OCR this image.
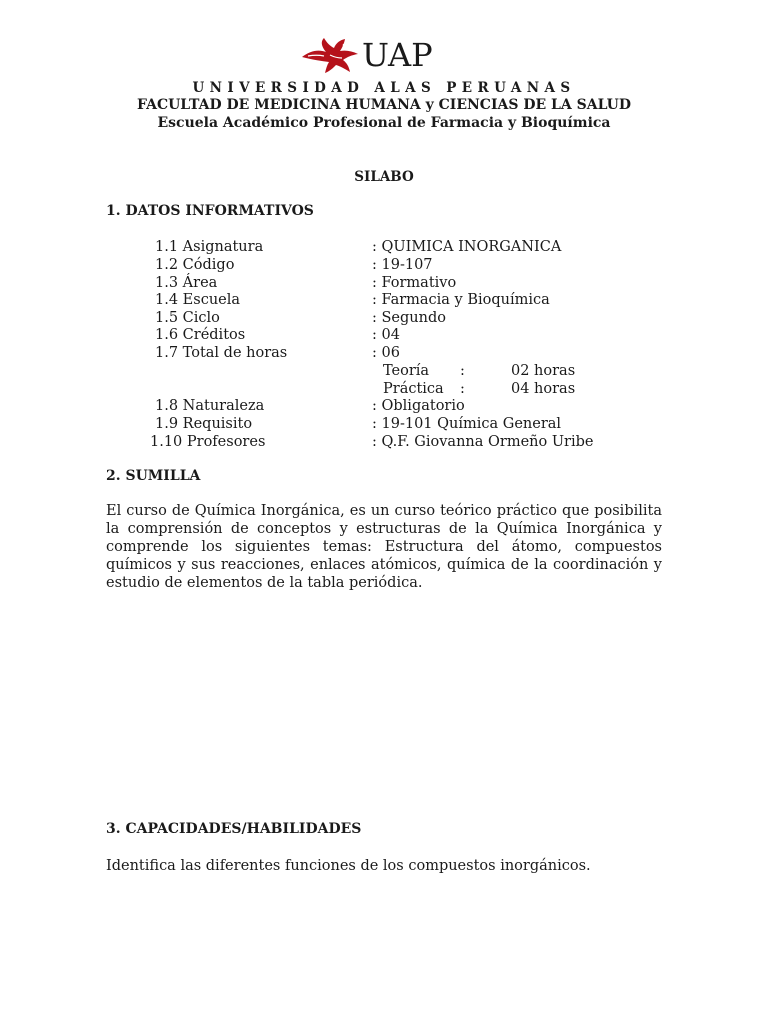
UAP
UNIVERSIDAD ALAS PERUANAS
FACULTAD DE MEDICINA HUMANA y CIENCIAS DE LA SALUD
Escuela Académico Profesional de Farmacia y Bioquímica
SILABO
1. DATOS INFORMATIVOS
1.1 Asignatura	: QUIMICA INORGANICA
1.2 Código	: 19-107
1.3 Área	: Formativo
1.4 Escuela	: Farmacia y Bioquímica
1.5 Ciclo	: Segundo
1.6 Créditos	: 04
1.7 Total de horas	: 06
Teoría :	02 horas
Práctica :	04 horas
1.8 Naturaleza	: Obligatorio
1.9 Requisito	: 19-101 Química General
1.10 Profesores	: Q.F. Giovanna Ormeño Uribe
2. SUMILLA
El curso de Química Inorgánica, es un curso teórico práctico que posibilita la comprensión de conceptos y estructuras de la Química Inorgánica y comprende los siguientes temas: Estructura del átomo, compuestos químicos y sus reacciones, enlaces atómicos, química de la coordinación y estudio de elementos de la tabla periódica.
3. CAPACIDADES/HABILIDADES
Identifica las diferentes funciones de los compuestos inorgánicos.
